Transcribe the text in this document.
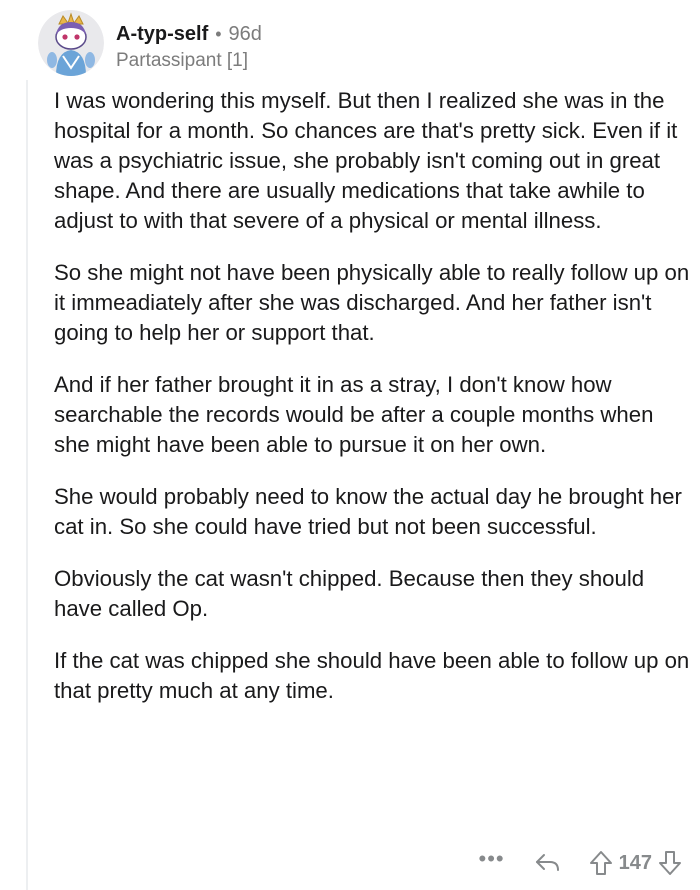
A-typ-self • 96d
Partassipant [1]

I was wondering this myself. But then I realized she was in the hospital for a month. So chances are that's pretty sick. Even if it was a psychiatric issue, she probably isn't coming out in great shape. And there are usually medications that take awhile to adjust to with that severe of a physical or mental illness.

So she might not have been physically able to really follow up on it immeadiately after she was discharged. And her father isn't going to help her or support that.

And if her father brought it in as a stray, I don't know how searchable the records would be after a couple months when she might have been able to pursue it on her own.

She would probably need to know the actual day he brought her cat in. So she could have tried but not been successful.

Obviously the cat wasn't chipped. Because then they should have called Op.

If the cat was chipped she should have been able to follow up on that pretty much at any time.

•••	147
